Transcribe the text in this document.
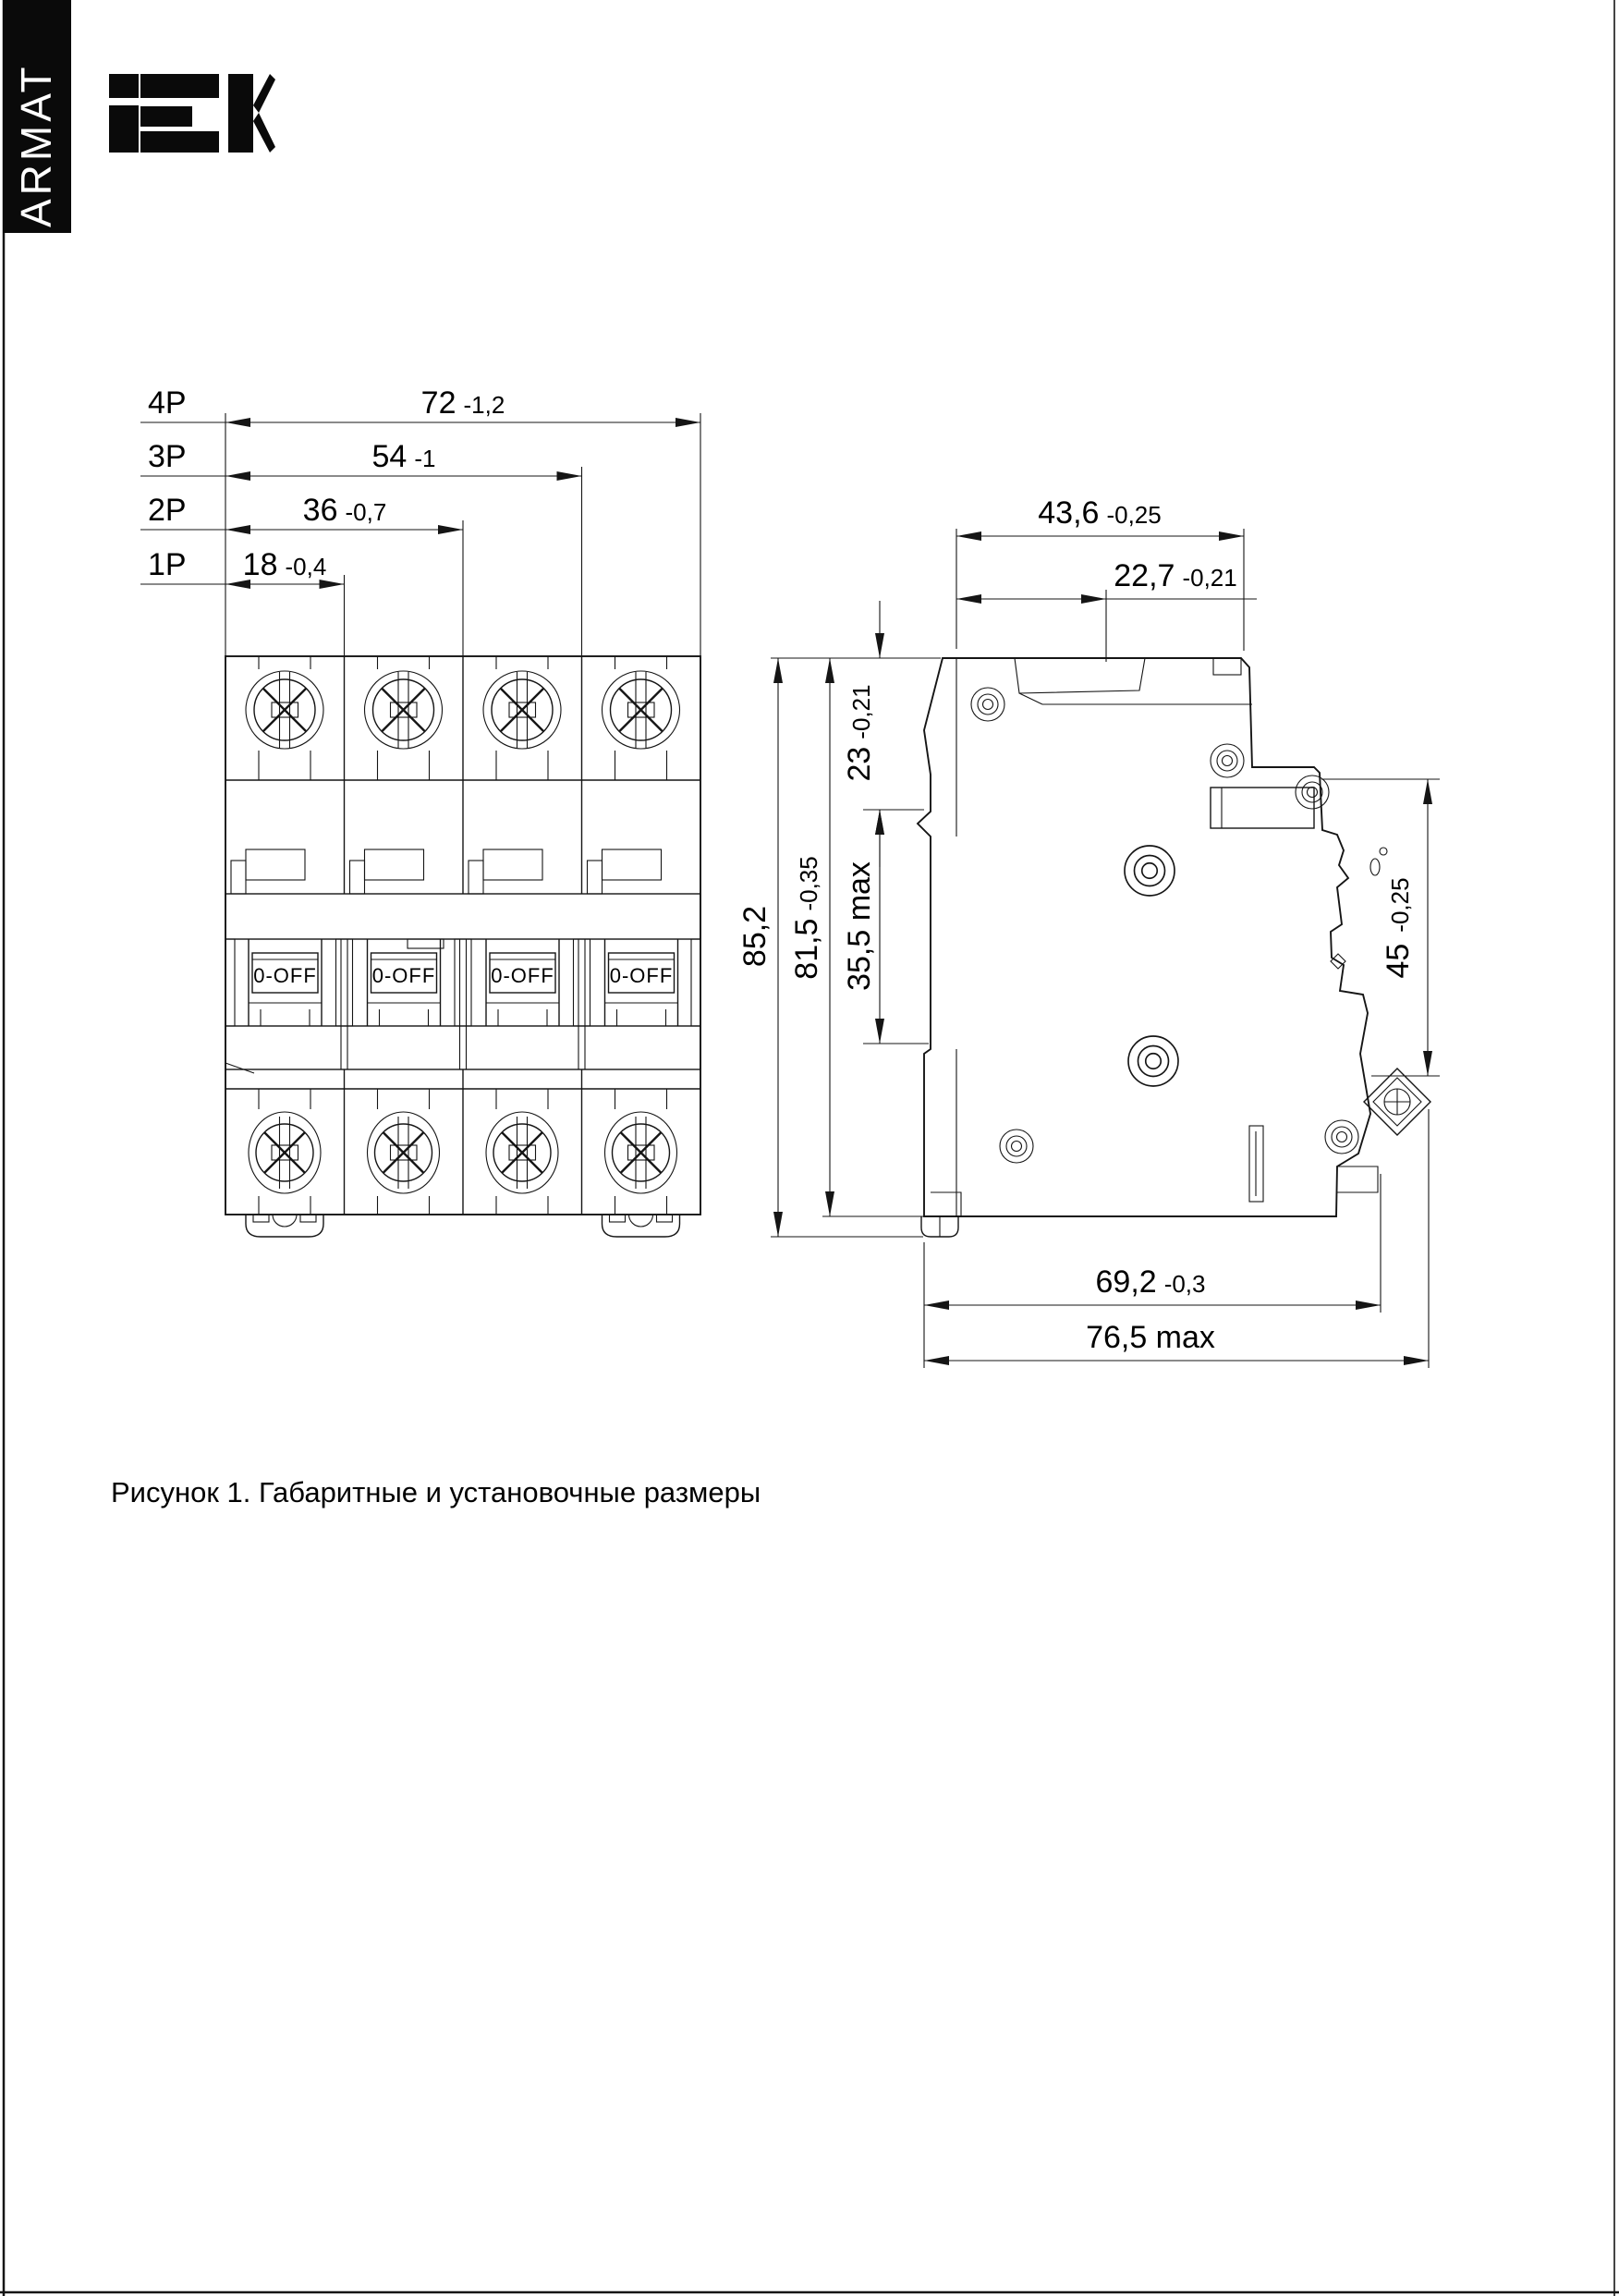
ARMAT
4P	72 -1,2
3P	54 -1
2P	36 -0,7
1P 18 -0,4
43,6 -0,25
22,7 -0,21
23-0,21
35,5 max
85,2 81,5-0,35
45-0,25
69,2 -0,3
76,5 max
Рисунок 1. Габаритные и установочные размеры
